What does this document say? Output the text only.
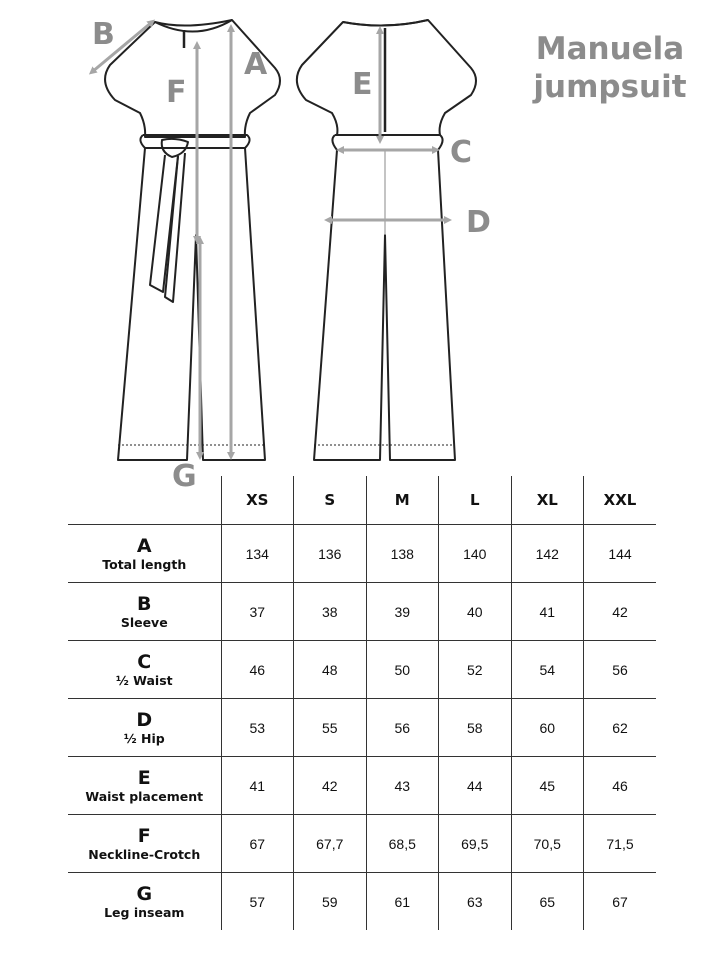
B
A
F	E
C
D
G
Manuela
jumpsuit
	XS	S	M	L	XL	XXL

A
Total length	134	136	138	140	142	144

B
Sleeve	37	38	39	40	41	42

C
½ Waist	46	48	50	52	54	56

D
½ Hip	53	55	56	58	60	62

E
Waist placement	41	42	43	44	45	46

F
Neckline-Crotch	67	67,7	68,5	69,5	70,5	71,5

G
Leg inseam	57	59	61	63	65	67
